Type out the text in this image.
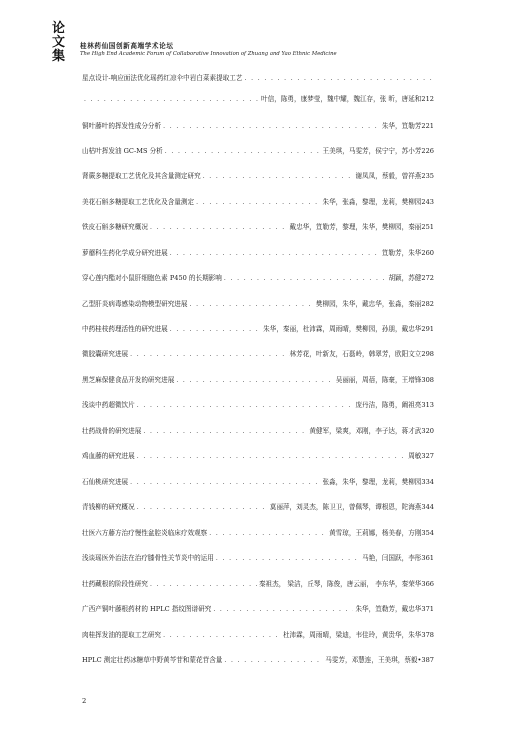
论
文
集
桂林药仙国创新高端学术论坛
The High End Academic Forum of Collaborative Innovation of Zhuang and Yao Ethnic Medicine
星点设计-响应面法优化瑶药红凉伞中岩白菜素提取工艺
. . .
. . .
叶信，陈勇，康梦莹，魏中耀，魏江存，张 昕，唐延和 212
铜叶藤叶的挥发性成分分析 . . .	朱华，笪勒芳 221
山枯叶挥发油 GC-MS 分析 . . .	王美琪，马雯芳，侯宁宁，苏小芳 226
肾蕨多糖提取工艺优化及其含量测定研究 . . .	谢凤凤，蔡毅，曾祥燕 235
美花石斛多糖提取工艺优化及含量测定 . . .	朱华，张淼，黎理，龙莉，樊柳园 243
铁皮石斛多糖研究概况 . . .	戴忠华，笪勒芳，黎理，朱华，樊柳园，秦丽 251
萝蘼科生药化学成分研究进展 . . .	笪勒芳，朱华 260
穿心莲内酯对小鼠肝细胞色素 P450 的长期影响 . . .	胡颖，苏健 272
乙型肝炎病毒感染动物模型研究进展 . . .	樊柳园，朱华，戴忠华，张淼，秦丽 282
中药桂枝药理活性的研究进展 . . .	朱华，秦丽，杜沛霖，周雨晴，樊柳园，孙朋，戴忠华 291
微胶囊研究进展 . . .	林芳花，叶新友，石磊岭，韩翠芳，欧阳文立 298
黑芝麻保健食品开发的研究进展 . . .	吴丽丽，周蓓，陈豪，王增锋 308
浅谈中药超微饮片 . . .	庞丹洁，陈勇，阚祖亮 313
壮药战骨的研究进展 . . .	黄健军，梁爽，邓刚，李子达，蒋才武 320
鸡血藤的研究进展 . . .	周敏 327
石仙桃研究进展 . . .	张淼，朱华，黎理，龙莉，樊柳园 334
青钱柳的研究概况 . . .	莫丽萍，刘灵杰，陈卫卫，曾佩琴，谭根恩，陀海燕 344
壮医六方藤方治疗慢性盆腔炎临床疗效观察 . . .	黄雪琼，王莉娜，杨美春，方刚 354
浅谈瑶医外治法在治疗膝骨性关节炎中的运用 . . .	马艳，闫国跃，李彤 361
壮药藏根的阶段性研究 . . .	秦祖杰， 梁洁，丘琴，陈俊，唐云丽， 李东华，秦荣华 366
广西产铜叶藤根药材的 HPLC 指纹图谱研究 . . .	朱华，笪勒芳，戴忠华 371
肉桂挥发油的提取工艺研究 . . .	杜沛霖，周雨晴，梁迪，韦佳玲，黄贵华，朱华 378
HPLC 测定壮药冰糖草中野黄芩苷和蒙花苷含量 . . .	马雯芳，邓慧连，王美琪，蔡毅• 387
2
